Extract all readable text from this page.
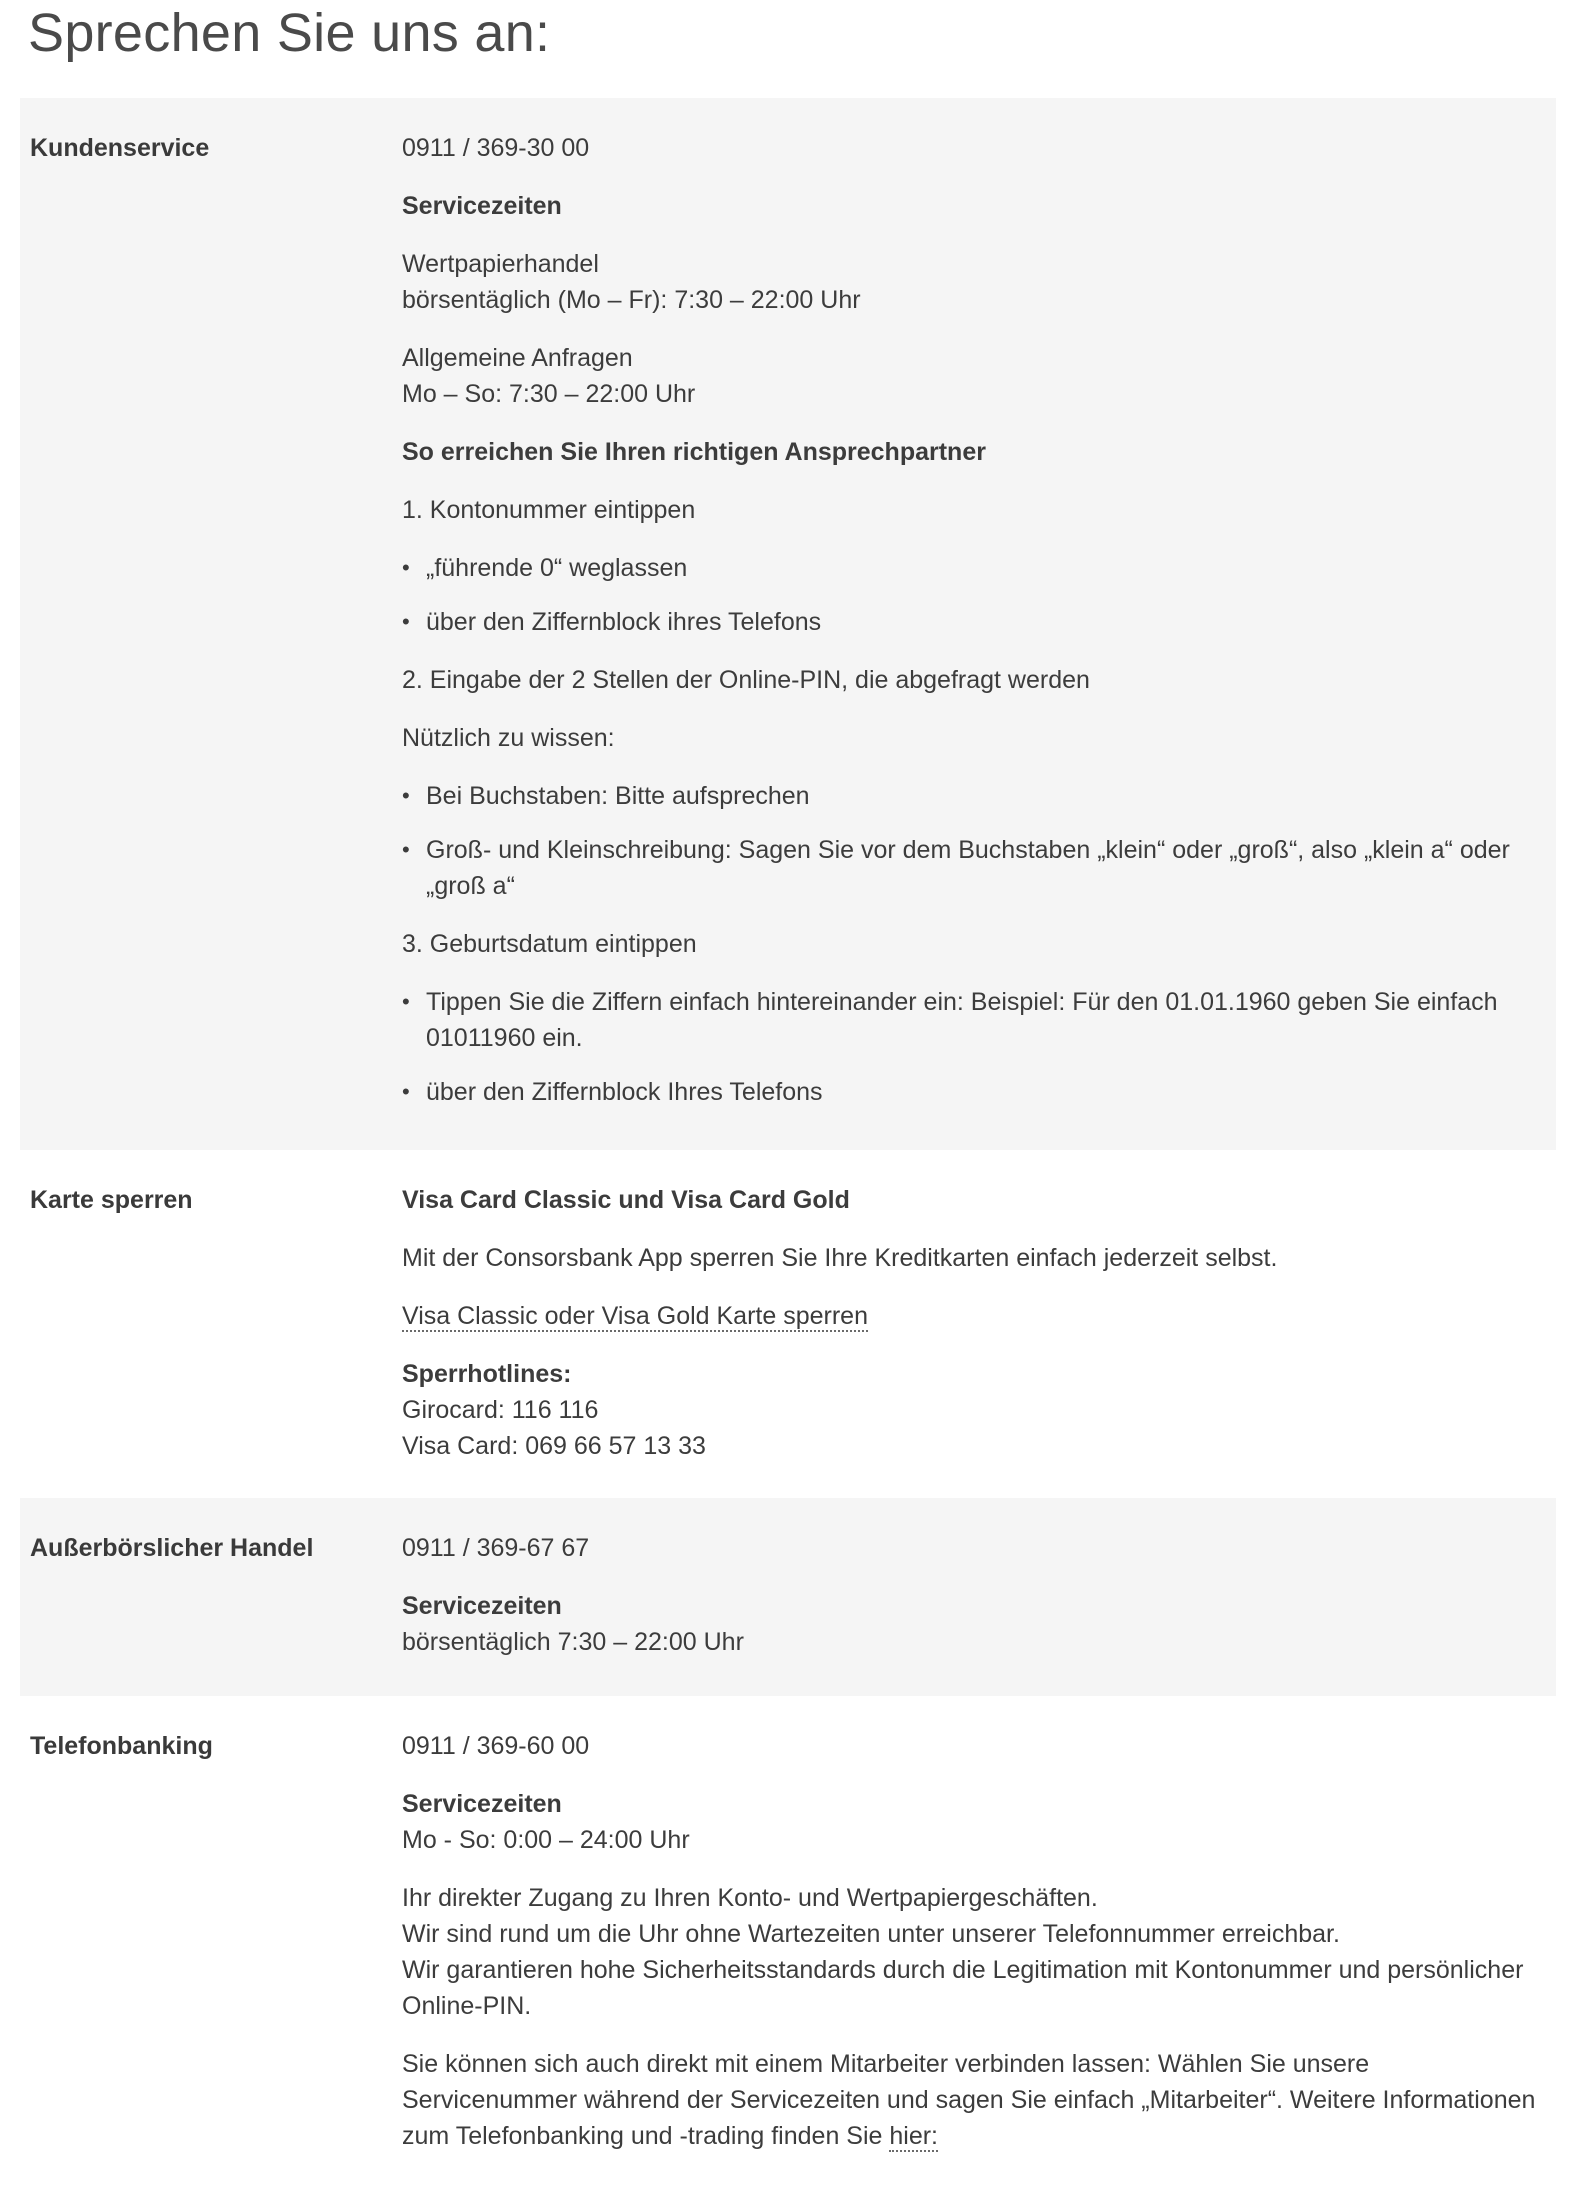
Sprechen Sie uns an:
Kundenservice	0911 / 369-30 00

Servicezeiten

Wertpapierhandel
börsentäglich (Mo – Fr): 7:30 – 22:00 Uhr

Allgemeine Anfragen
Mo – So: 7:30 – 22:00 Uhr

So erreichen Sie Ihren richtigen Ansprechpartner

1. Kontonummer eintippen

• „führende 0“ weglassen
• über den Ziffernblock ihres Telefons

2. Eingabe der 2 Stellen der Online-PIN, die abgefragt werden

Nützlich zu wissen:

• Bei Buchstaben: Bitte aufsprechen
• Groß- und Kleinschreibung: Sagen Sie vor dem Buchstaben „klein“ oder „groß“, also „klein a“ oder „groß a“

3. Geburtsdatum eintippen

• Tippen Sie die Ziffern einfach hintereinander ein: Beispiel: Für den 01.01.1960 geben Sie einfach 01011960 ein.
• über den Ziffernblock Ihres Telefons
Karte sperren	Visa Card Classic und Visa Card Gold

Mit der Consorsbank App sperren Sie Ihre Kreditkarten einfach jederzeit selbst.

Visa Classic oder Visa Gold Karte sperren

Sperrhotlines:
Girocard: 116 116
Visa Card: 069 66 57 13 33

Außerbörslicher Handel	0911 / 369-67 67

Servicezeiten
börsentäglich 7:30 – 22:00 Uhr

Telefonbanking	0911 / 369-60 00

Servicezeiten
Mo - So: 0:00 – 24:00 Uhr

Ihr direkter Zugang zu Ihren Konto- und Wertpapiergeschäften.
Wir sind rund um die Uhr ohne Wartezeiten unter unserer Telefonnummer erreichbar.
Wir garantieren hohe Sicherheitsstandards durch die Legitimation mit Kontonummer und persönlicher Online-PIN.

Sie können sich auch direkt mit einem Mitarbeiter verbinden lassen: Wählen Sie unsere Servicenummer während der Servicezeiten und sagen Sie einfach „Mitarbeiter“. Weitere Informationen zum Telefonbanking und -trading finden Sie hier:
